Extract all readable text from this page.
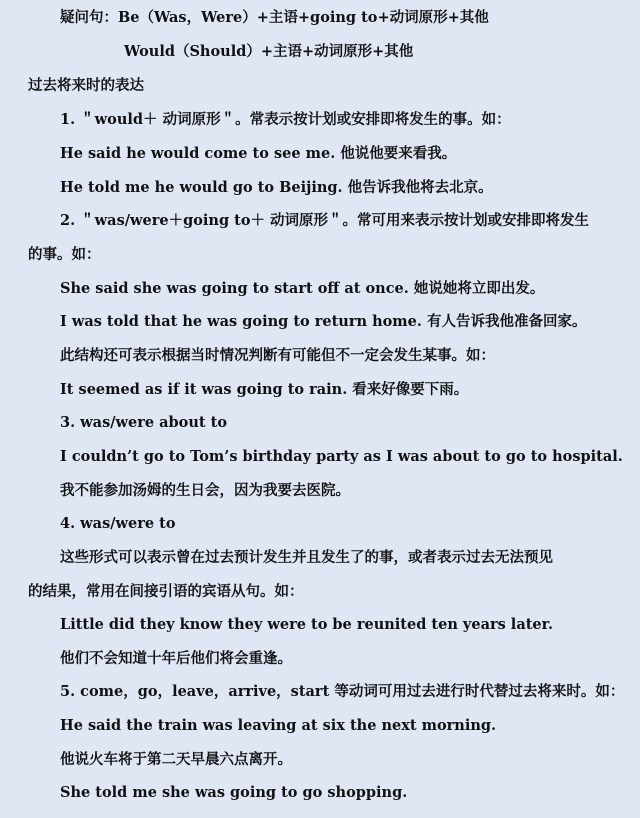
疑问句：Be（Was，Were）+主语+going to+动词原形+其他
Would（Should）+主语+动词原形+其他
过去将来时的表达
1. ＂would＋ 动词原形＂。常表示按计划或安排即将发生的事。如：
He said he would come to see me. 他说他要来看我。
He told me he would go to Beijing. 他告诉我他将去北京。
2. ＂was/were＋going to＋ 动词原形＂。常可用来表示按计划或安排即将发生
的事。如：
She said she was going to start off at once. 她说她将立即出发。
I was told that he was going to return home. 有人告诉我他准备回家。
此结构还可表示根据当时情况判断有可能但不一定会发生某事。如：
It seemed as if it was going to rain. 看来好像要下雨。
3. was/were about to
I couldn’t go to Tom’s birthday party as I was about to go to hospital.
我不能参加汤姆的生日会，因为我要去医院。
4. was/were to
这些形式可以表示曾在过去预计发生并且发生了的事，或者表示过去无法预见
的结果，常用在间接引语的宾语从句。如：
Little did they know they were to be reunited ten years later.
他们不会知道十年后他们将会重逢。
5. come，go，leave，arrive，start 等动词可用过去进行时代替过去将来时。如：
He said the train was leaving at six the next morning.
他说火车将于第二天早晨六点离开。
She told me she was going to go shopping.
